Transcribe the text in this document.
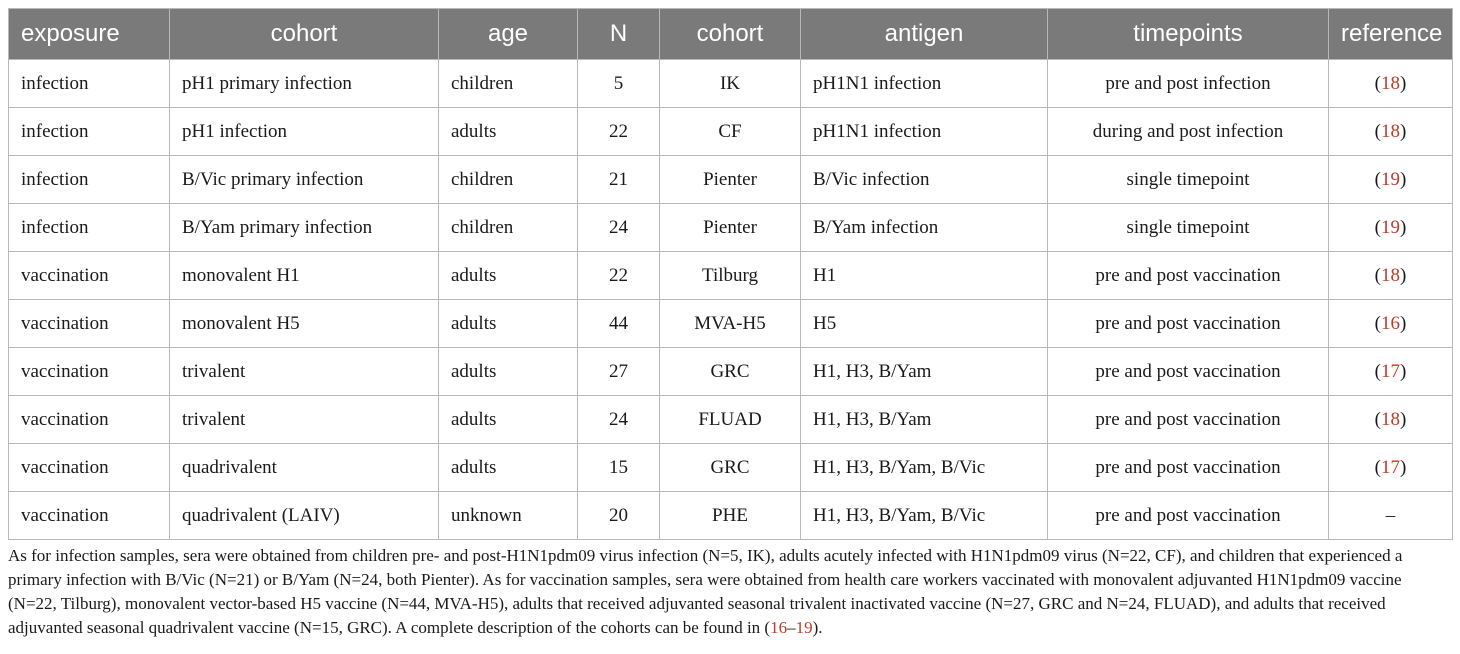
exposure	cohort	age	N	cohort	antigen	timepoints	reference
infection	pH1 primary infection	children	5	IK	pH1N1 infection	pre and post infection	(18)
infection	pH1 infection	adults	22	CF	pH1N1 infection	during and post infection	(18)
infection	B/Vic primary infection	children	21	Pienter	B/Vic infection	single timepoint	(19)
infection	B/Yam primary infection	children	24	Pienter	B/Yam infection	single timepoint	(19)
vaccination	monovalent H1	adults	22	Tilburg	H1	pre and post vaccination	(18)
vaccination	monovalent H5	adults	44	MVA-H5	H5	pre and post vaccination	(16)
vaccination	trivalent	adults	27	GRC	H1, H3, B/Yam	pre and post vaccination	(17)
vaccination	trivalent	adults	24	FLUAD	H1, H3, B/Yam	pre and post vaccination	(18)
vaccination	quadrivalent	adults	15	GRC	H1, H3, B/Yam, B/Vic	pre and post vaccination	(17)
vaccination	quadrivalent (LAIV)	unknown	20	PHE	H1, H3, B/Yam, B/Vic	pre and post vaccination	–
As for infection samples, sera were obtained from children pre- and post-H1N1pdm09 virus infection (N=5, IK), adults acutely infected with H1N1pdm09 virus (N=22, CF), and children that experienced a primary infection with B/Vic (N=21) or B/Yam (N=24, both Pienter). As for vaccination samples, sera were obtained from health care workers vaccinated with monovalent adjuvanted H1N1pdm09 vaccine (N=22, Tilburg), monovalent vector-based H5 vaccine (N=44, MVA-H5), adults that received adjuvanted seasonal trivalent inactivated vaccine (N=27, GRC and N=24, FLUAD), and adults that received adjuvanted seasonal quadrivalent vaccine (N=15, GRC). A complete description of the cohorts can be found in (16–19).
